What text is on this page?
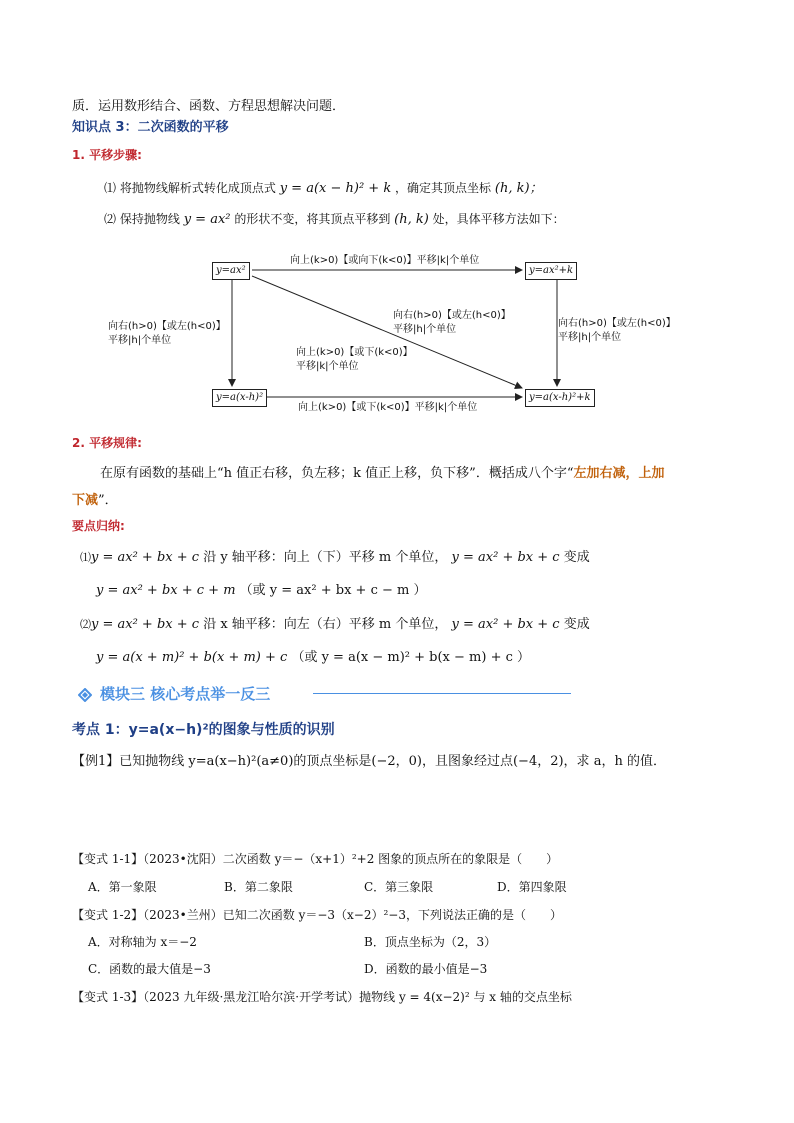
质．运用数形结合、函数、方程思想解决问题．
知识点 3：二次函数的平移
1. 平移步骤:
⑴ 将抛物线解析式转化成顶点式 y = a(x − h)² + k ，确定其顶点坐标 (h, k)；
⑵ 保持抛物线 y = ax² 的形状不变，将其顶点平移到 (h, k) 处，具体平移方法如下：
y=ax²	y=ax²+k
y=a(x-h)²	y=a(x-h)²+k
向上(k>0)【或向下(k<0)】平移|k|个单位
向上(k>0)【或下(k<0)】平移|k|个单位
向右(h>0)【或左(h<0)】
平移|h|个单位
向右(h>0)【或左(h<0)】
平移|h|个单位
向右(h>0)【或左(h<0)】
平移|h|个单位
向上(k>0)【或下(k<0)】
平移|k|个单位
2. 平移规律:
在原有函数的基础上“h 值正右移，负左移；k 值正上移，负下移”．概括成八个字“左加右减，上加
下减”．
要点归纳:
⑴y = ax² + bx + c 沿 y 轴平移：向上（下）平移 m 个单位， y = ax² + bx + c 变成
y = ax² + bx + c + m （或 y = ax² + bx + c − m ）
⑵y = ax² + bx + c 沿 x 轴平移：向左（右）平移 m 个单位， y = ax² + bx + c 变成
y = a(x + m)² + b(x + m) + c （或 y = a(x − m)² + b(x − m) + c ）
模块三 核心考点举一反三
考点 1：y=a(x−h)²的图象与性质的识别
【例1】已知抛物线 y=a(x−h)²(a≠0)的顶点坐标是(−2，0)，且图象经过点(−4，2)，求 a，h 的值．
【变式 1-1】（2023•沈阳）二次函数 y＝−（x+1）²+2 图象的顶点所在的象限是（　　）
A．第一象限	B．第二象限	C．第三象限	D．第四象限
【变式 1-2】（2023•兰州）已知二次函数 y＝−3（x−2）²−3，下列说法正确的是（　　）
A．对称轴为 x＝−2	B．顶点坐标为（2，3）
C．函数的最大值是−3	D．函数的最小值是−3
【变式 1-3】（2023 九年级·黑龙江哈尔滨·开学考试）抛物线 y = 4(x−2)² 与 x 轴的交点坐标
